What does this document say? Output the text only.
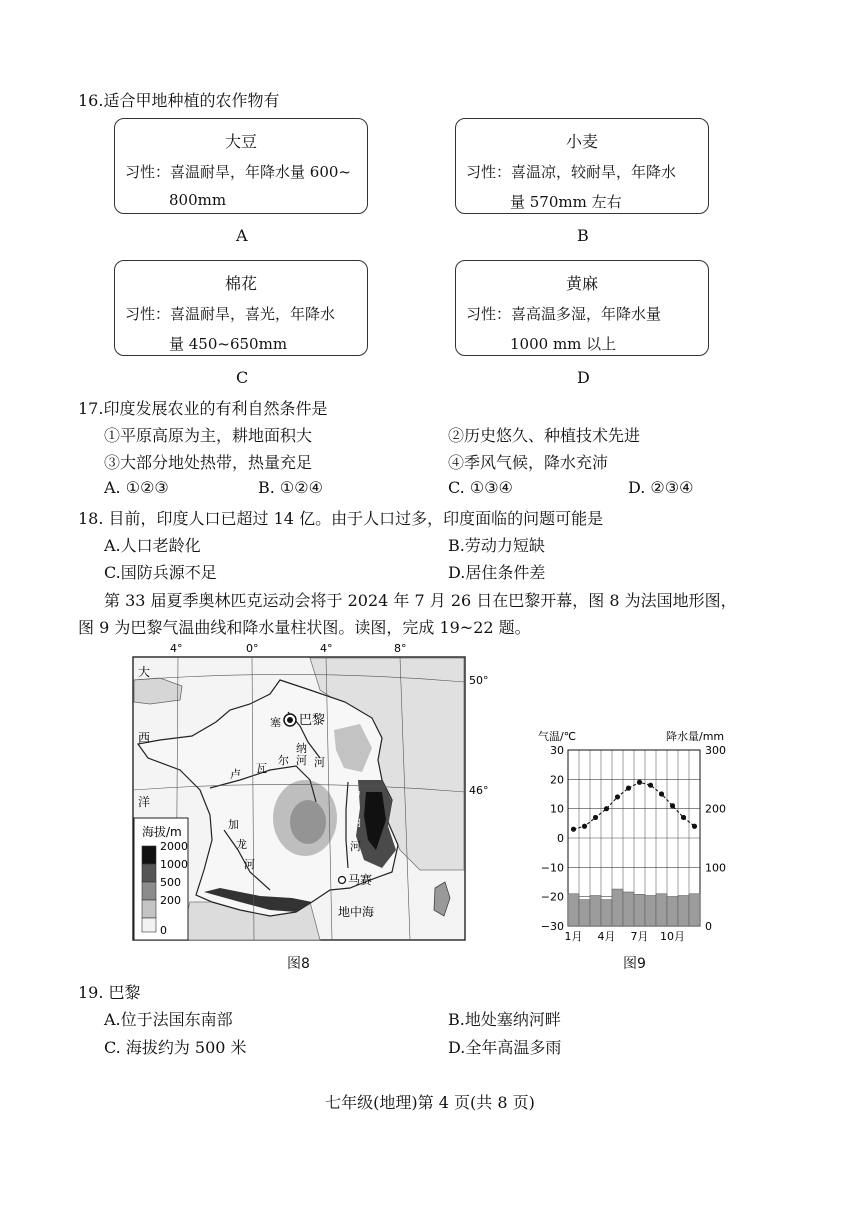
16.适合甲地种植的农作物有
大豆
习性：喜温耐旱，年降水量 600~
800mm
小麦
习性：喜温凉，较耐旱，年降水
量 570mm 左右
A	B
棉花
习性：喜温耐旱，喜光，年降水
量 450~650mm
黄麻
习性：喜高温多湿，年降水量
1000 mm 以上
C	D
17.印度发展农业的有利自然条件是
①平原高原为主，耕地面积大	②历史悠久、种植技术先进
③大部分地处热带，热量充足	④季风气候，降水充沛
A. ①②③	B. ①②④	C. ①③④	D. ②③④
18. 目前，印度人口已超过 14 亿。由于人口过多，印度面临的问题可能是
A.人口老龄化	B.劳动力短缺
C.国防兵源不足	D.居住条件差
第 33 届夏季奥林匹克运动会将于 2024 年 7 月 26 日在巴黎开幕，图 8 为法国地形图，
图 9 为巴黎气温曲线和降水量柱状图。读图，完成 19~22 题。
4°	0°	4°	8°
50°
46°
巴黎
马赛
地中海
大
西
洋
塞
纳
河
卢 瓦
尔 河
加
龙
河
罗
讷
河
海拔/m
2000
1000
500
200
0
图8
气温/℃	降水量/mm
30
20
10
0
−10
−20
−30
300
200
100
0
1月 4月 7月 10月
图9
19. 巴黎
A.位于法国东南部	B.地处塞纳河畔
C. 海拔约为 500 米	D.全年高温多雨
七年级(地理)第 4 页(共 8 页)
